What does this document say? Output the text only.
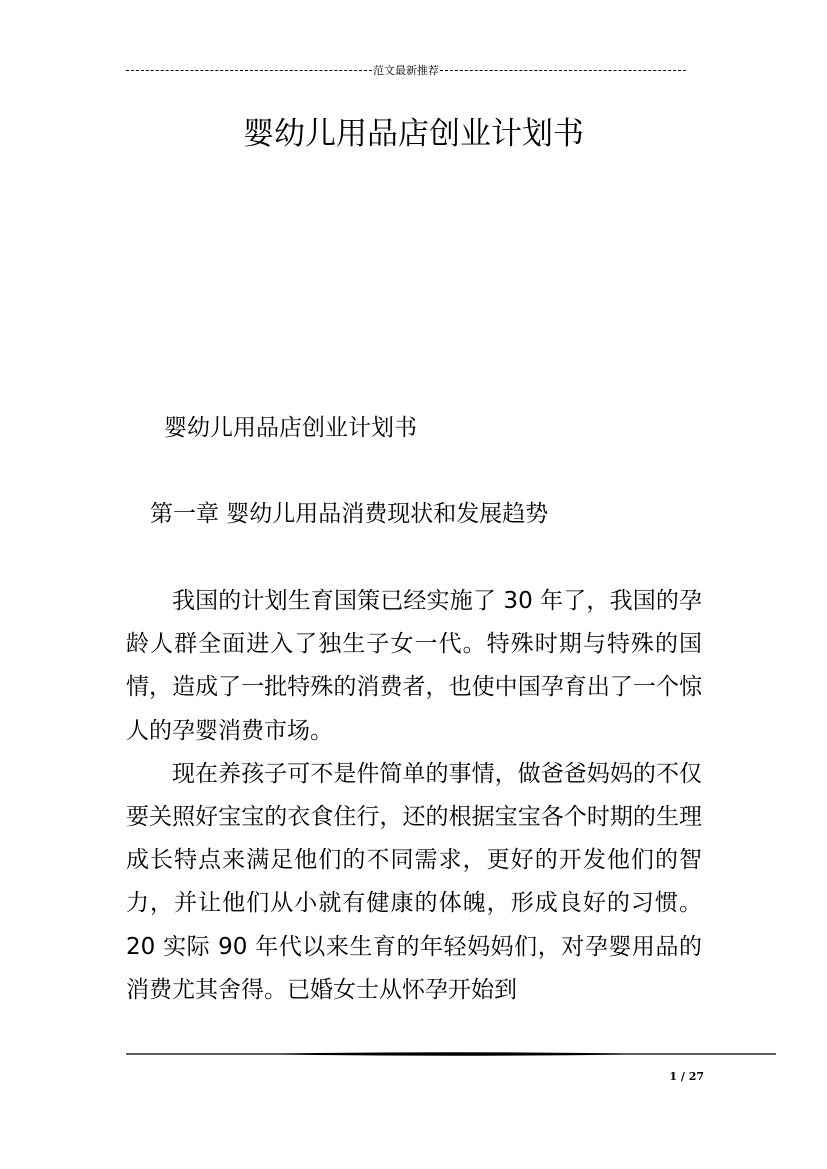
范文最新推荐
婴幼儿用品店创业计划书
婴幼儿用品店创业计划书
第一章 婴幼儿用品消费现状和发展趋势

我国的计划生育国策已经实施了 30 年了，我国的孕龄人群全面进入了独生子女一代。特殊时期与特殊的国情，造成了一批特殊的消费者，也使中国孕育出了一个惊人的孕婴消费市场。

现在养孩子可不是件简单的事情，做爸爸妈妈的不仅要关照好宝宝的衣食住行，还的根据宝宝各个时期的生理成长特点来满足他们的不同需求，更好的开发他们的智力，并让他们从小就有健康的体魄，形成良好的习惯。20 实际 90 年代以来生育的年轻妈妈们，对孕婴用品的消费尤其舍得。已婚女士从怀孕开始到

1 / 27
